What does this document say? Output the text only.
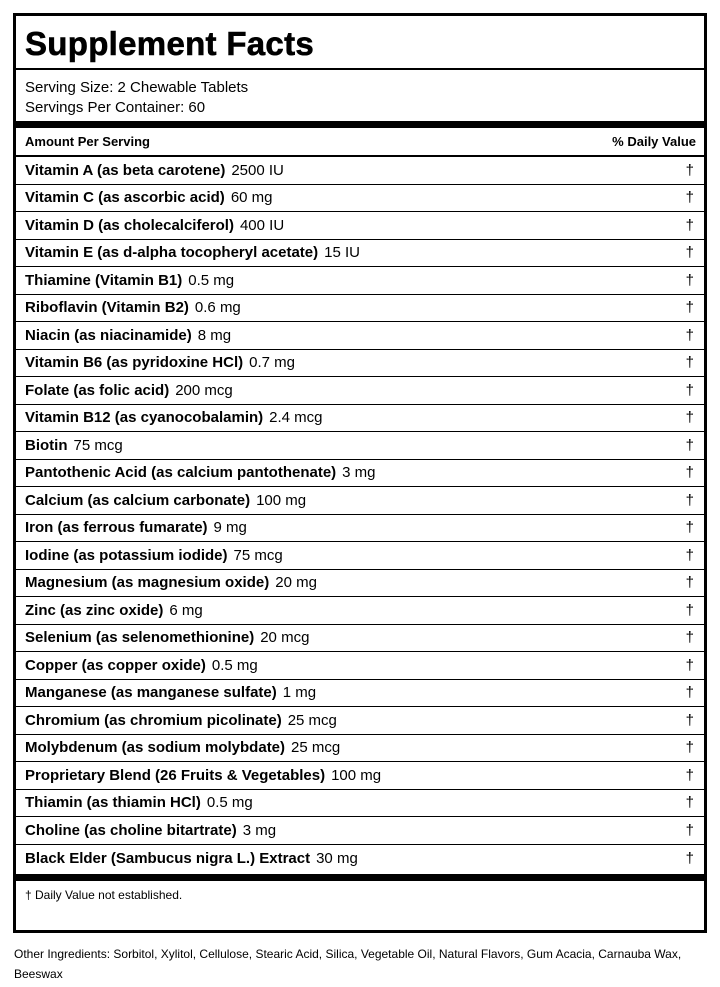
Supplement Facts
Serving Size: 2 Chewable Tablets
Servings Per Container: 60
Amount Per Serving	% Daily Value
Vitamin A (as beta carotene) 2500 IU	†
Vitamin C (as ascorbic acid) 60 mg	†
Vitamin D (as cholecalciferol) 400 IU	†
Vitamin E (as d-alpha tocopheryl acetate) 15 IU	†
Thiamine (Vitamin B1) 0.5 mg	†
Riboflavin (Vitamin B2) 0.6 mg	†
Niacin (as niacinamide) 8 mg	†
Vitamin B6 (as pyridoxine HCl) 0.7 mg	†
Folate (as folic acid) 200 mcg	†
Vitamin B12 (as cyanocobalamin) 2.4 mcg	†
Biotin 75 mcg	†
Pantothenic Acid (as calcium pantothenate) 3 mg	†
Calcium (as calcium carbonate) 100 mg	†
Iron (as ferrous fumarate) 9 mg	†
Iodine (as potassium iodide) 75 mcg	†
Magnesium (as magnesium oxide) 20 mg	†
Zinc (as zinc oxide) 6 mg	†
Selenium (as selenomethionine) 20 mcg	†
Copper (as copper oxide) 0.5 mg	†
Manganese (as manganese sulfate) 1 mg	†
Chromium (as chromium picolinate) 25 mcg	†
Molybdenum (as sodium molybdate) 25 mcg	†
Proprietary Blend (26 Fruits & Vegetables) 100 mg	†
Thiamin (as thiamin HCl) 0.5 mg	†
Choline (as choline bitartrate) 3 mg	†
Black Elder (Sambucus nigra L.) Extract 30 mg	†
† Daily Value not established.
Other Ingredients: Sorbitol, Xylitol, Cellulose, Stearic Acid, Silica, Vegetable Oil, Natural Flavors, Gum Acacia, Carnauba Wax, Beeswax
